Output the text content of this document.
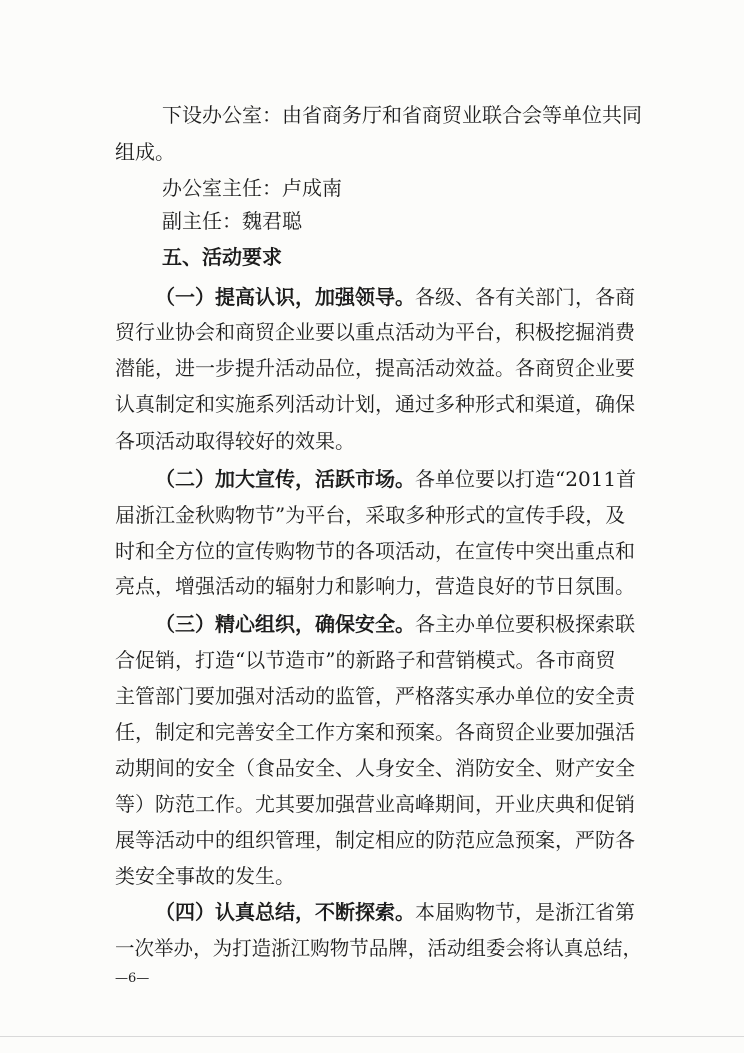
下 设 办 公 室 ： 由 省 商 务 厅 和 省 商 贸 业 联 合 会 等 单 位 共 同
组成。
办公室主任：卢成南
副主任：魏君聪
五、活动要求
（一）提高认识，加强领导。各级、各有关部门，各商
贸行业协会和商贸企业要以重点活动为平台，积极挖掘消费
潜能，进一步提升活动品位，提高活动效益。各商贸企业要
认真制定和实施系列活动计划，通过多种形式和渠道，确保
各项活动取得较好的效果。
（二）加大宣传，活跃市场。各单位要以打造“2011首
届浙江金秋购物节”为平台，采取多种形式的宣传手段，及
时和全方位的宣传购物节的各项活动，在宣传中突出重点和
亮点，增强活动的辐射力和影响力，营造良好的节日氛围。
（三）精心组织，确保安全。各主办单位要积极探索联
合促销，打造“以节造市”的新路子和营销模式。各市商贸
主管部门要加强对活动的监管，严格落实承办单位的安全责
任，制定和完善安全工作方案和预案。各商贸企业要加强活
动期间的安全（食品安全、人身安全、消防安全、财产安全
等）防范工作。尤其要加强营业高峰期间，开业庆典和促销
展等活动中的组织管理，制定相应的防范应急预案，严防各
类安全事故的发生。
（四）认真总结，不断探索。本届购物节，是浙江省第
一次举办，为打造浙江购物节品牌，活动组委会将认真总结，
—6—
